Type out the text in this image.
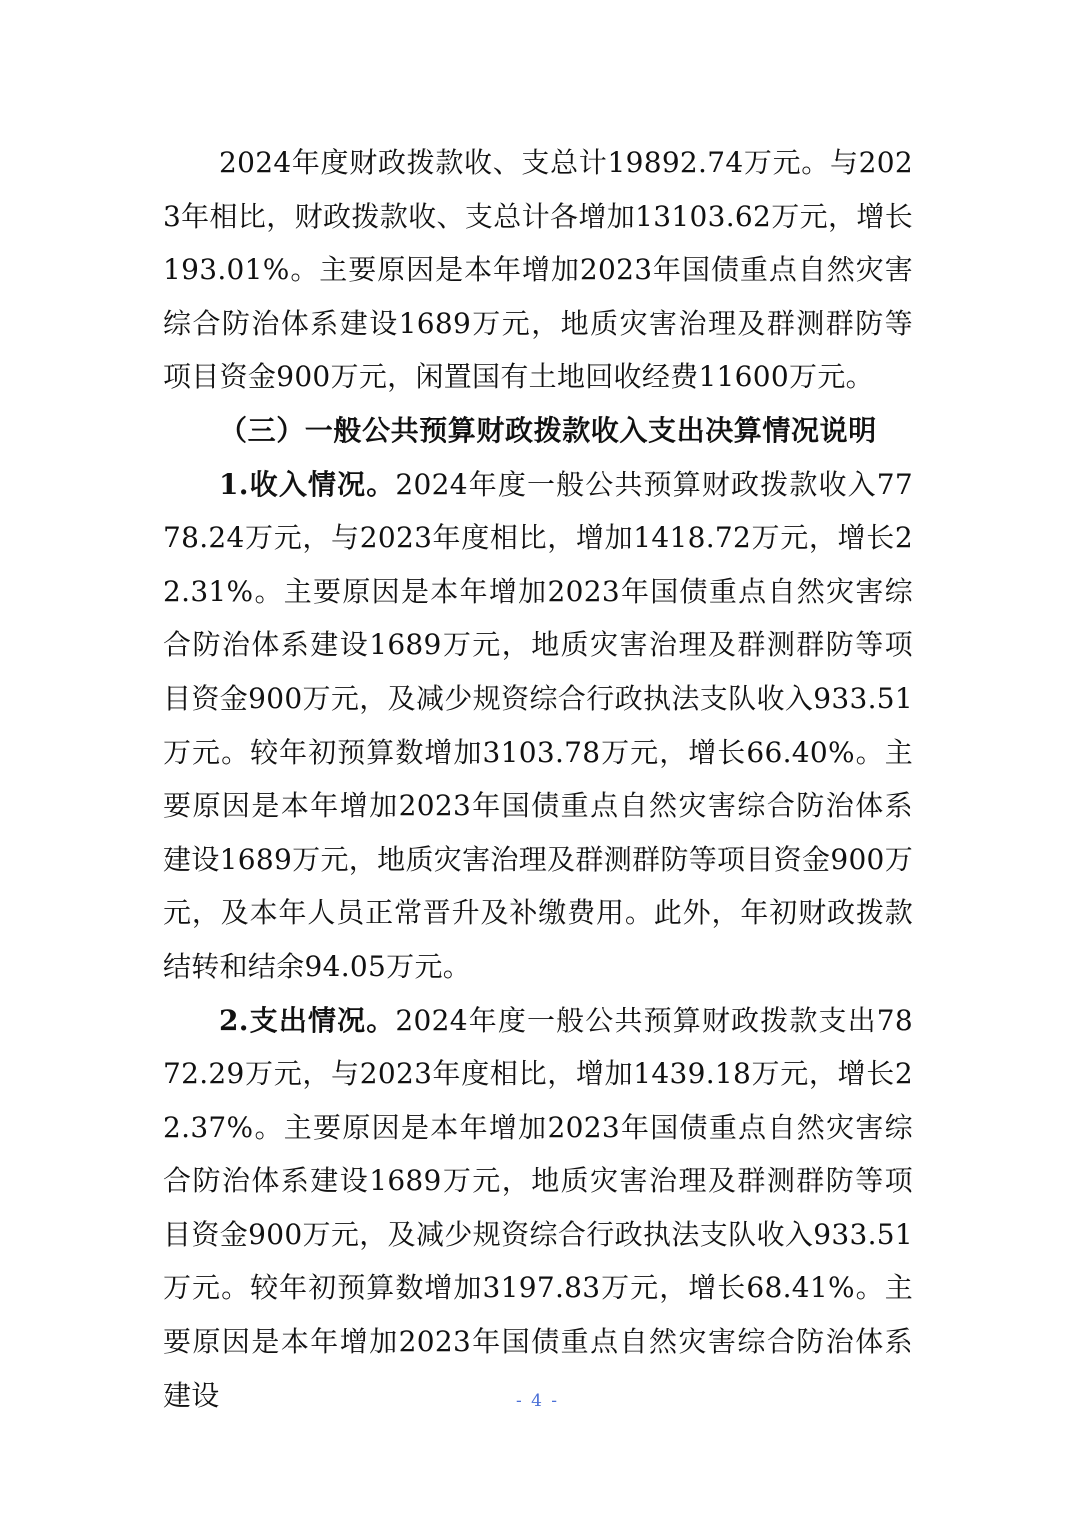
2024年度财政拨款收、支总计19892.74万元。与2023年相比，财政拨款收、支总计各增加13103.62万元，增长193.01%。主要原因是本年增加2023年国债重点自然灾害综合防治体系建设1689万元，地质灾害治理及群测群防等项目资金900万元，闲置国有土地回收经费11600万元。

（三）一般公共预算财政拨款收入支出决算情况说明

1.收入情况。2024年度一般公共预算财政拨款收入7778.24万元，与2023年度相比，增加1418.72万元，增长22.31%。主要原因是本年增加2023年国债重点自然灾害综合防治体系建设1689万元，地质灾害治理及群测群防等项目资金900万元，及减少规资综合行政执法支队收入933.51万元。较年初预算数增加3103.78万元，增长66.40%。主要原因是本年增加2023年国债重点自然灾害综合防治体系建设1689万元，地质灾害治理及群测群防等项目资金900万元，及本年人员正常晋升及补缴费用。此外，年初财政拨款结转和结余94.05万元。

2.支出情况。2024年度一般公共预算财政拨款支出7872.29万元，与2023年度相比，增加1439.18万元，增长22.37%。主要原因是本年增加2023年国债重点自然灾害综合防治体系建设1689万元，地质灾害治理及群测群防等项目资金900万元，及减少规资综合行政执法支队收入933.51万元。较年初预算数增加3197.83万元，增长68.41%。主要原因是本年增加2023年国债重点自然灾害综合防治体系建设	- 4 -
